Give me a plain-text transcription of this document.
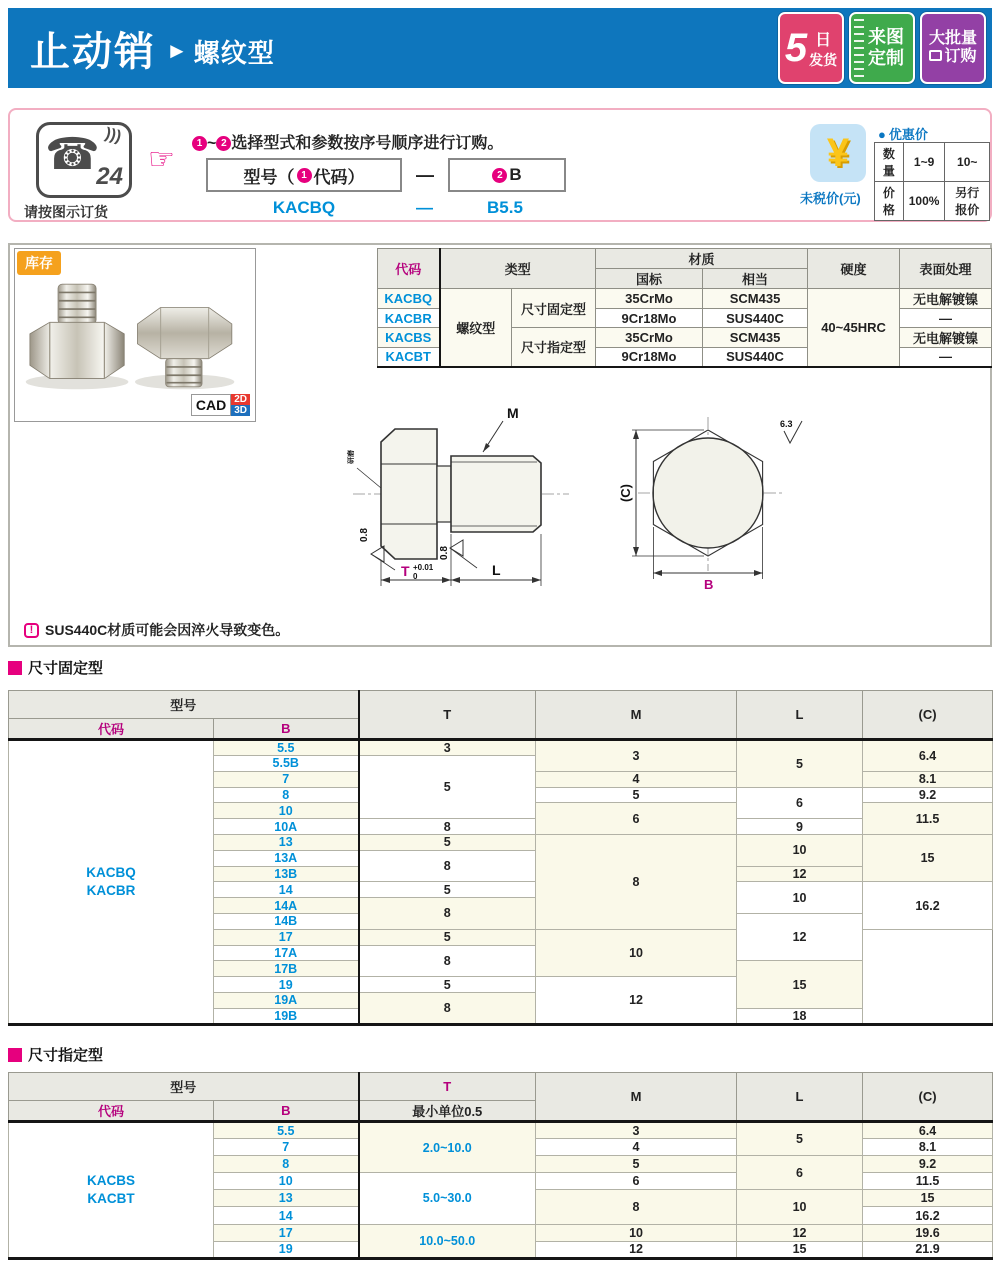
止动销 ► 螺纹型	5 日
发货
来图
定制
大批量
订购
☎ )))
24
请按图示订货
☞	1 ~ 2 选择型式和参数按序号顺序进行订购。
型号（ 1 代码）	—	2 B
KACBQ	—	B5.5
¥
未税价(元)
● 优惠价
数量	1~9	10~
价格	100%	另行报价
库存
CAD 2D
3D
代码	类型		材质		硬度	表面处理
			国标	相当		
KACBQ	螺纹型	尺寸固定型	35CrMo	SCM435	40~45HRC	无电解镀镍
KACBR			9Cr18Mo	SUS440C		—
KACBS		尺寸指定型	35CrMo	SCM435		无电解镀镍
KACBT			9Cr18Mo	SUS440C		—
M
研磨
0.8
0.8
T +0.01
0	L
(C)
B
6.3
! SUS440C材质可能会因淬火导致变色。
尺寸固定型
型号		T	M	L	(C)
代码	B				

KACBQ
KACBR	5.5	3	3	5	6.4
	5.5B	5			
	7		4		8.1
	8		5	6	9.2
	10		6		11.5
	10A	8		9	
	13	5	8	10	15
	13A	8			
	13B			12	
	14	5		10	16.2
	14A	8			
	14B			12	
	17	5	10		
	17A	8			
	17B			15	
	19	5	12		
	19A	8			
	19B			18	
尺寸指定型
型号		T	M	L	(C)
代码	B	最小单位0.5			

KACBS
KACBT	5.5	2.0~10.0	3	5	6.4
	7		4		8.1
	8		5	6	9.2
	10	5.0~30.0	6		11.5
	13		8	10	15
	14				16.2
	17	10.0~50.0	10	12	19.6
	19		12	15	21.9
